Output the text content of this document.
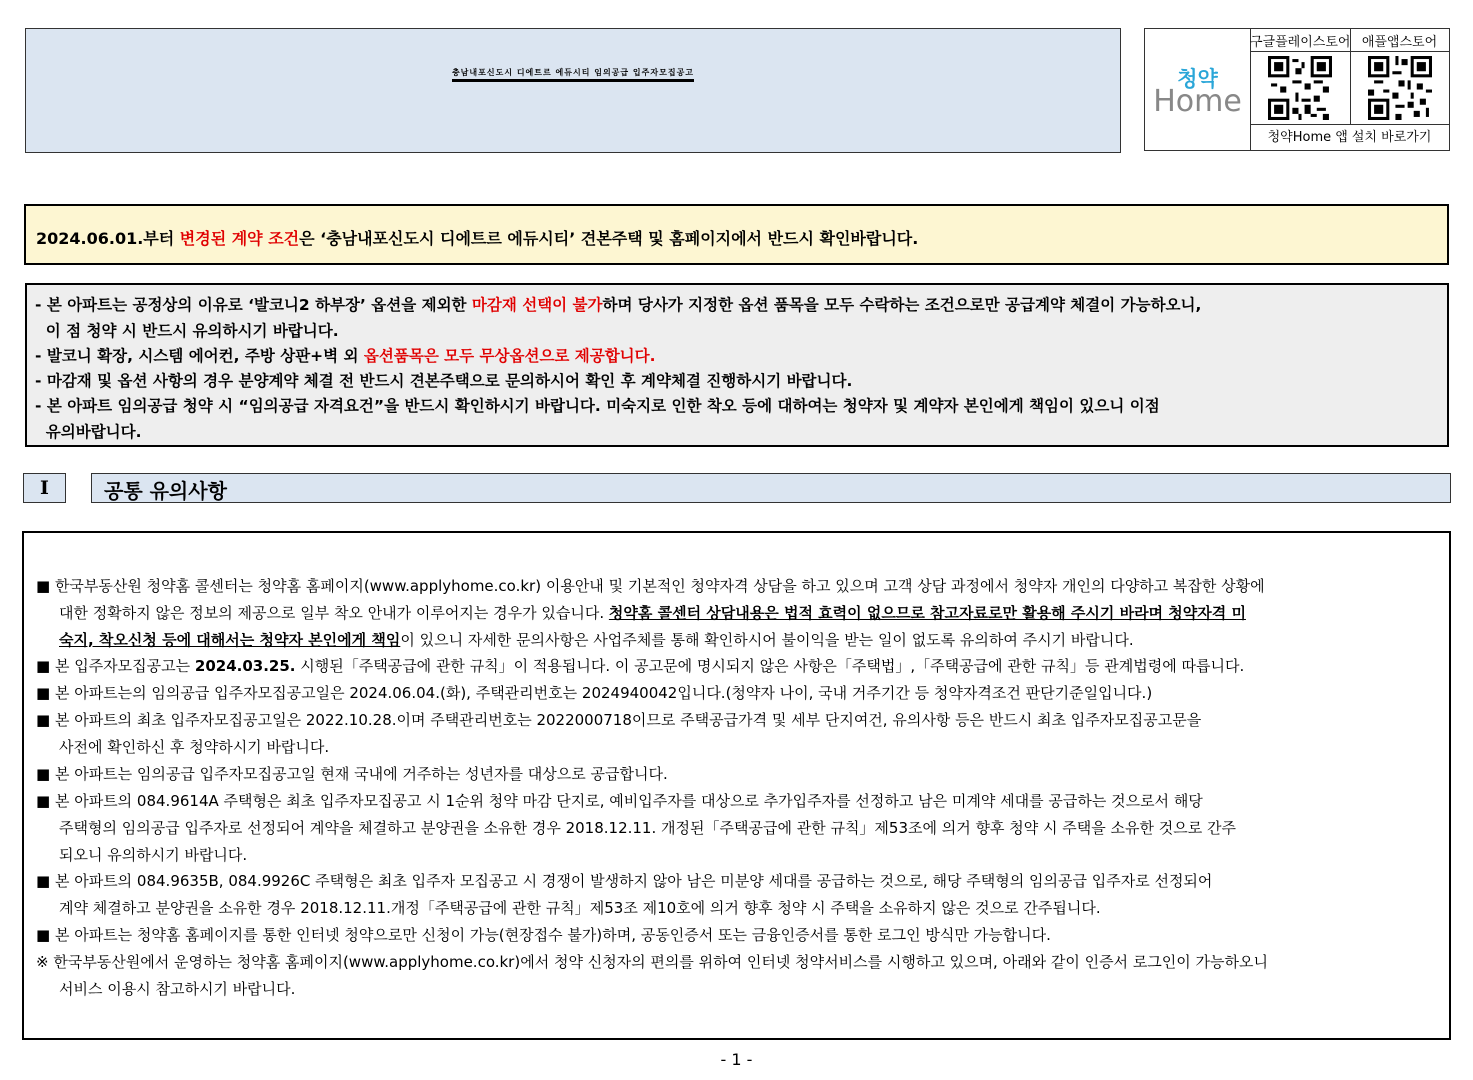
충남내포신도시 디에트르 에듀시티 임의공급 입주자모집공고	청약
Home
구글플레이스토어 애플앱스토어
청약Home 앱 설치 바로가기
2024.06.01.부터 변경된 계약 조건은 ‘충남내포신도시 디에트르 에듀시티’ 견본주택 및 홈페이지에서 반드시 확인바랍니다.
- 본 아파트는 공정상의 이유로 ‘발코니2 하부장’ 옵션을 제외한 마감재 선택이 불가하며 당사가 지정한 옵션 품목을 모두 수락하는 조건으로만 공급계약 체결이 가능하오니,
이 점 청약 시 반드시 유의하시기 바랍니다.
- 발코니 확장, 시스템 에어컨, 주방 상판+벽 외 옵션품목은 모두 무상옵션으로 제공합니다.
- 마감재 및 옵션 사항의 경우 분양계약 체결 전 반드시 견본주택으로 문의하시어 확인 후 계약체결 진행하시기 바랍니다.
- 본 아파트 임의공급 청약 시 “임의공급 자격요건”을 반드시 확인하시기 바랍니다. 미숙지로 인한 착오 등에 대하여는 청약자 및 계약자 본인에게 책임이 있으니 이점
유의바랍니다.
I	공통 유의사항
■ 한국부동산원 청약홈 콜센터는 청약홈 홈페이지(www.applyhome.co.kr) 이용안내 및 기본적인 청약자격 상담을 하고 있으며 고객 상담 과정에서 청약자 개인의 다양하고 복잡한 상황에
대한 정확하지 않은 정보의 제공으로 일부 착오 안내가 이루어지는 경우가 있습니다. 청약홈 콜센터 상담내용은 법적 효력이 없으므로 참고자료로만 활용해 주시기 바라며 청약자격 미
숙지, 착오신청 등에 대해서는 청약자 본인에게 책임이 있으니 자세한 문의사항은 사업주체를 통해 확인하시어 불이익을 받는 일이 없도록 유의하여 주시기 바랍니다.
■ 본 입주자모집공고는 2024.03.25. 시행된「주택공급에 관한 규칙」이 적용됩니다. 이 공고문에 명시되지 않은 사항은「주택법」,「주택공급에 관한 규칙」등 관계법령에 따릅니다.
■ 본 아파트는의 임의공급 입주자모집공고일은 2024.06.04.(화), 주택관리번호는 2024940042입니다.(청약자 나이, 국내 거주기간 등 청약자격조건 판단기준일입니다.)
■ 본 아파트의 최초 입주자모집공고일은 2022.10.28.이며 주택관리번호는 2022000718이므로 주택공급가격 및 세부 단지여건, 유의사항 등은 반드시 최초 입주자모집공고문을
사전에 확인하신 후 청약하시기 바랍니다.
■ 본 아파트는 임의공급 입주자모집공고일 현재 국내에 거주하는 성년자를 대상으로 공급합니다.
■ 본 아파트의 084.9614A 주택형은 최초 입주자모집공고 시 1순위 청약 마감 단지로, 예비입주자를 대상으로 추가입주자를 선정하고 남은 미계약 세대를 공급하는 것으로서 해당
주택형의 임의공급 입주자로 선정되어 계약을 체결하고 분양권을 소유한 경우 2018.12.11. 개정된「주택공급에 관한 규칙」제53조에 의거 향후 청약 시 주택을 소유한 것으로 간주
되오니 유의하시기 바랍니다.
■ 본 아파트의 084.9635B, 084.9926C 주택형은 최초 입주자 모집공고 시 경쟁이 발생하지 않아 남은 미분양 세대를 공급하는 것으로, 해당 주택형의 임의공급 입주자로 선정되어
계약 체결하고 분양권을 소유한 경우 2018.12.11.개정「주택공급에 관한 규칙」제53조 제10호에 의거 향후 청약 시 주택을 소유하지 않은 것으로 간주됩니다.
■ 본 아파트는 청약홈 홈페이지를 통한 인터넷 청약으로만 신청이 가능(현장접수 불가)하며, 공동인증서 또는 금융인증서를 통한 로그인 방식만 가능합니다.
※ 한국부동산원에서 운영하는 청약홈 홈페이지(www.applyhome.co.kr)에서 청약 신청자의 편의를 위하여 인터넷 청약서비스를 시행하고 있으며, 아래와 같이 인증서 로그인이 가능하오니
서비스 이용시 참고하시기 바랍니다.
- 1 -
